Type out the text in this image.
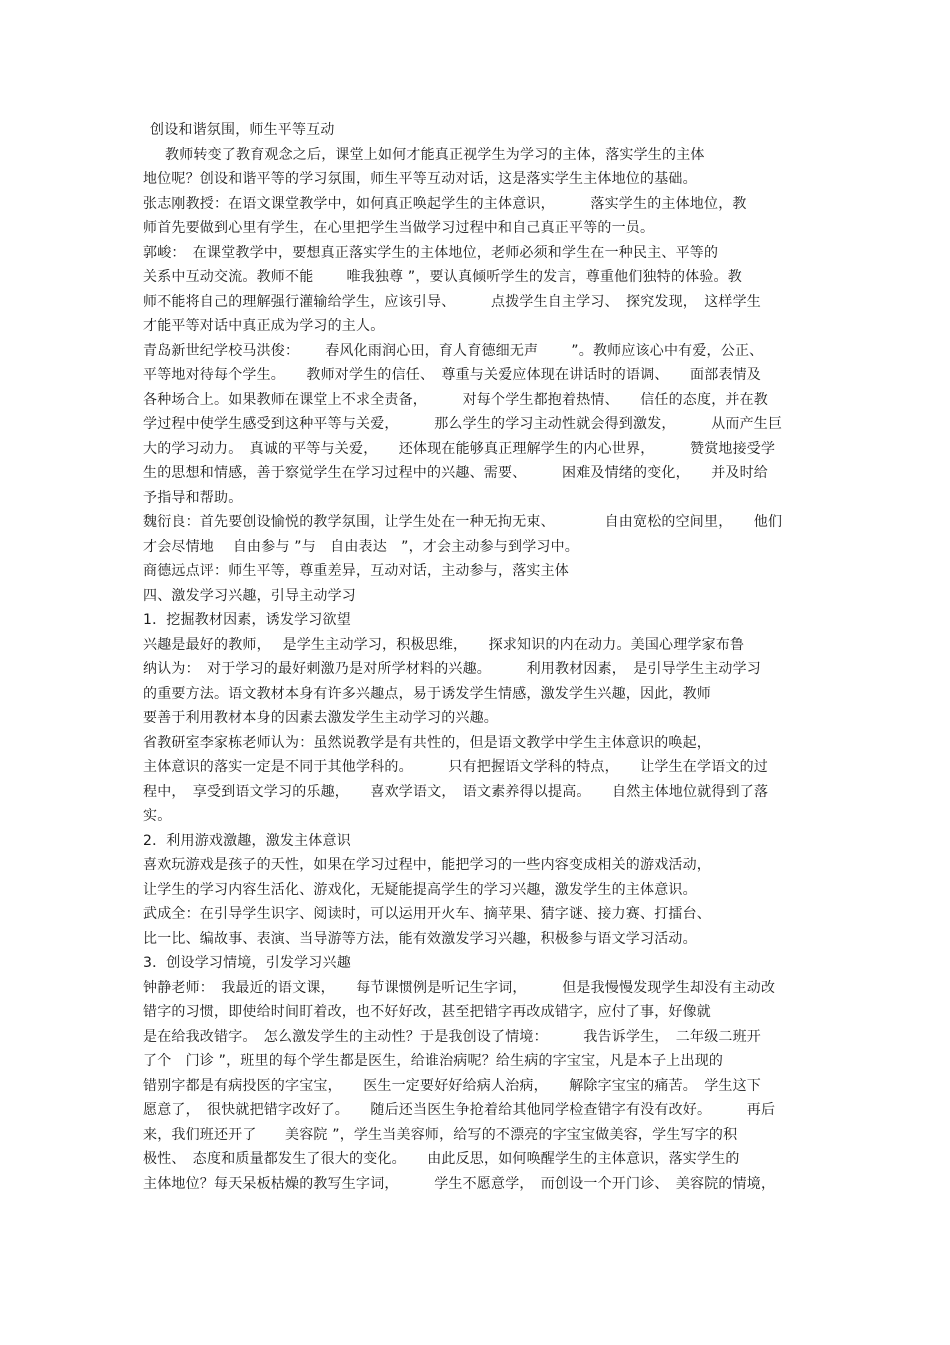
创设和谐氛围，师生平等互动
教师转变了教育观念之后，课堂上如何才能真正视学生为学习的主体，落实学生的主体
地位呢？创设和谐平等的学习氛围，师生平等互动对话，这是落实学生主体地位的基础。
张志刚教授：在语文课堂教学中，如何真正唤起学生的主体意识，　　　落实学生的主体地位，教
师首先要做到心里有学生，在心里把学生当做学习过程中和自己真正平等的一员。
郭峻：　在课堂教学中，要想真正落实学生的主体地位，老师必须和学生在一种民主、平等的
关系中互动交流。教师不能　　 唯我独尊 ”，要认真倾听学生的发言，尊重他们独特的体验。教
师不能将自己的理解强行灌输给学生，应该引导、　　　点拨学生自主学习、　探究发现，　这样学生
才能平等对话中真正成为学习的主人。
青岛新世纪学校马洪俊：　　 春风化雨润心田，育人育德细无声　　 ”。教师应该心中有爱，公正、
平等地对待每个学生。　　教师对学生的信任、　尊重与关爱应体现在讲话时的语调、　　面部表情及
各种场合上。如果教师在课堂上不求全责备，　　　对每个学生都抱着热情、　　信任的态度，并在教
学过程中使学生感受到这种平等与关爱，　　　那么学生的学习主动性就会得到激发，　　　从而产生巨
大的学习动力。　真诚的平等与关爱，　　还体现在能够真正理解学生的内心世界，　　　赞赏地接受学
生的思想和情感，善于察觉学生在学习过程中的兴趣、需要、　　　困难及情绪的变化，　　并及时给
予指导和帮助。
魏衍良：首先要创设愉悦的教学氛围，让学生处在一种无拘无束、　　　　自由宽松的空间里，　　他们
才会尽情地　 自由参与 ”与　自由表达　”，才会主动参与到学习中。
商德远点评：师生平等，尊重差异，互动对话，主动参与，落实主体
四、激发学习兴趣，引导主动学习
1．挖掘教材因素，诱发学习欲望
兴趣是最好的教师，　 是学生主动学习，积极思维，　　探求知识的内在动力。美国心理学家布鲁
纳认为：　对于学习的最好刺激乃是对所学材料的兴趣。　　　利用教材因素，　是引导学生主动学习
的重要方法。语文教材本身有许多兴趣点，易于诱发学生情感，激发学生兴趣，因此，教师
要善于利用教材本身的因素去激发学生主动学习的兴趣。
省教研室李家栋老师认为：虽然说教学是有共性的，但是语文教学中学生主体意识的唤起，
主体意识的落实一定是不同于其他学科的。　　　只有把握语文学科的特点，　　让学生在学语文的过
程中，　享受到语文学习的乐趣，　　喜欢学语文，　语文素养得以提高。　　自然主体地位就得到了落
实。
2．利用游戏激趣，激发主体意识
喜欢玩游戏是孩子的天性，如果在学习过程中，能把学习的一些内容变成相关的游戏活动，
让学生的学习内容生活化、游戏化，无疑能提高学生的学习兴趣，激发学生的主体意识。
武成全：在引导学生识字、阅读时，可以运用开火车、摘苹果、猜字谜、接力赛、打擂台、
比一比、编故事、表演、当导游等方法，能有效激发学习兴趣，积极参与语文学习活动。
3．创设学习情境，引发学习兴趣
钟静老师：　我最近的语文课，　　每节课惯例是听记生字词，　　　但是我慢慢发现学生却没有主动改
错字的习惯，即使给时间盯着改，也不好好改，甚至把错字再改成错字，应付了事，好像就
是在给我改错字。　怎么激发学生的主动性？于是我创设了情境：　　　我告诉学生，　二年级二班开
了个　门诊 ”，班里的每个学生都是医生，给谁治病呢？给生病的字宝宝，凡是本子上出现的
错别字都是有病投医的字宝宝，　　医生一定要好好给病人治病，　　解除字宝宝的痛苦。　学生这下
愿意了，　很快就把错字改好了。　　随后还当医生争抢着给其他同学检查错字有没有改好。　　　再后
来，我们班还开了　　美容院 ”，学生当美容师，给写的不漂亮的字宝宝做美容，学生写字的积
极性、　态度和质量都发生了很大的变化。　　由此反思，如何唤醒学生的主体意识，落实学生的
主体地位？每天呆板枯燥的教写生字词，　　　学生不愿意学，　而创设一个开门诊、　美容院的情境，
